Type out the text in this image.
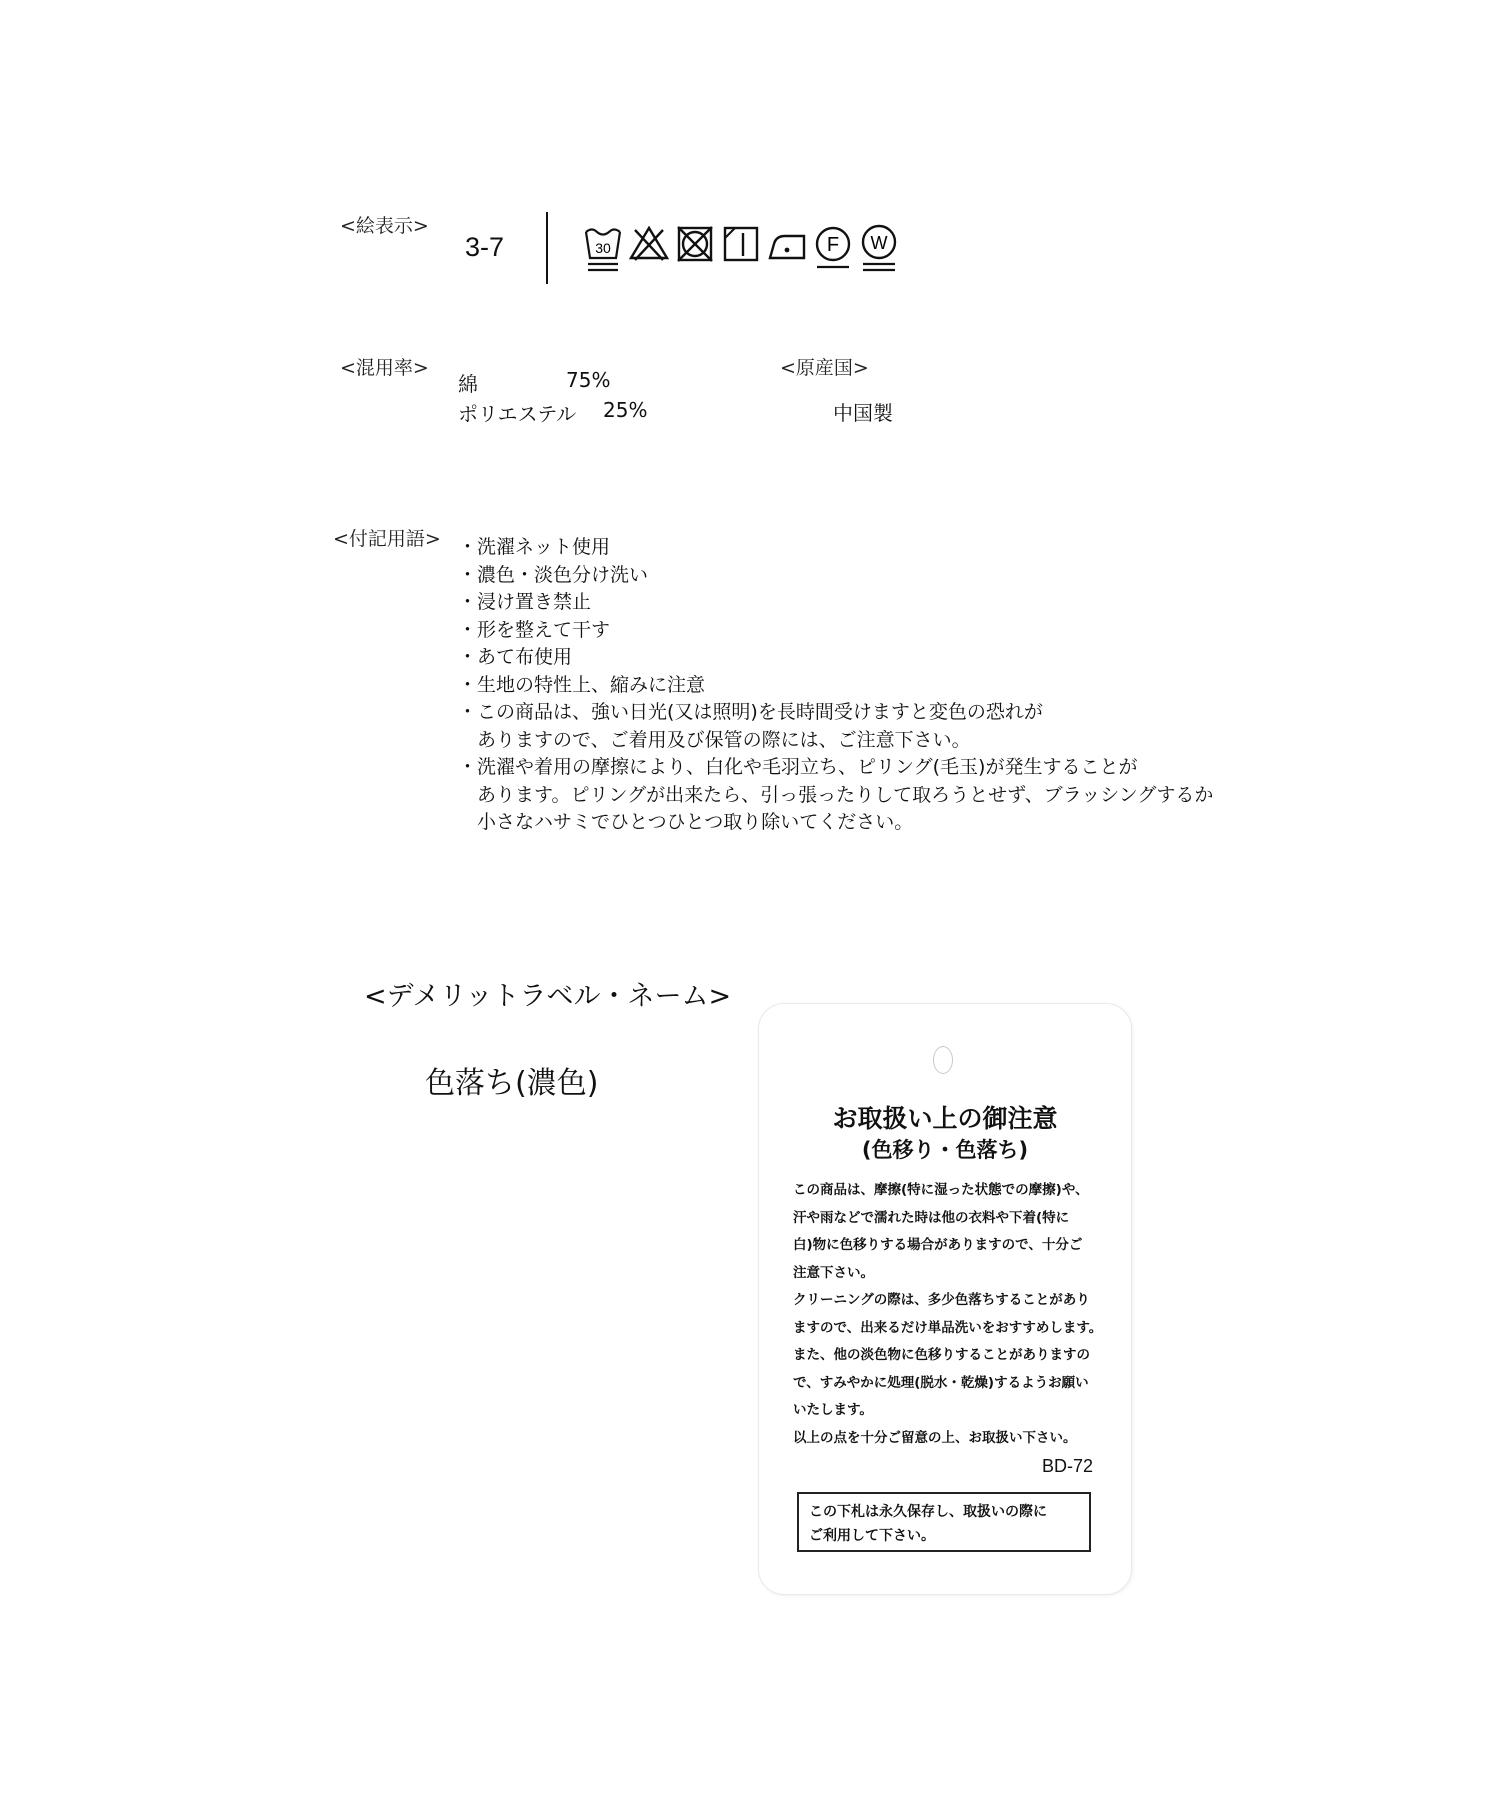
<絵表示>
3-7	30	F W
<混用率>
綿	75%
ポリエステル 25%
<原産国>
中国製
<付記用語> ・洗濯ネット使用
・濃色・淡色分け洗い
・浸け置き禁止
・形を整えて干す
・あて布使用
・生地の特性上、縮みに注意
・この商品は、強い日光(又は照明)を長時間受けますと変色の恐れが
　ありますので、ご着用及び保管の際には、ご注意下さい。
・洗濯や着用の摩擦により、白化や毛羽立ち、ピリング(毛玉)が発生することが
　あります。ピリングが出来たら、引っ張ったりして取ろうとせず、ブラッシングするか
　小さなハサミでひとつひとつ取り除いてください。
<デメリットラベル・ネーム>
色落ち(濃色)
お取扱い上の御注意
(色移り・色落ち)
この商品は、摩擦(特に湿った状態での摩擦)や、
汗や雨などで濡れた時は他の衣料や下着(特に
白)物に色移りする場合がありますので、十分ご
注意下さい。
クリーニングの際は、多少色落ちすることがあり
ますので、出来るだけ単品洗いをおすすめします。
また、他の淡色物に色移りすることがありますの
で、すみやかに処理(脱水・乾燥)するようお願い
いたします。
以上の点を十分ご留意の上、お取扱い下さい。
BD-72
この下札は永久保存し、取扱いの際に
ご利用して下さい。
